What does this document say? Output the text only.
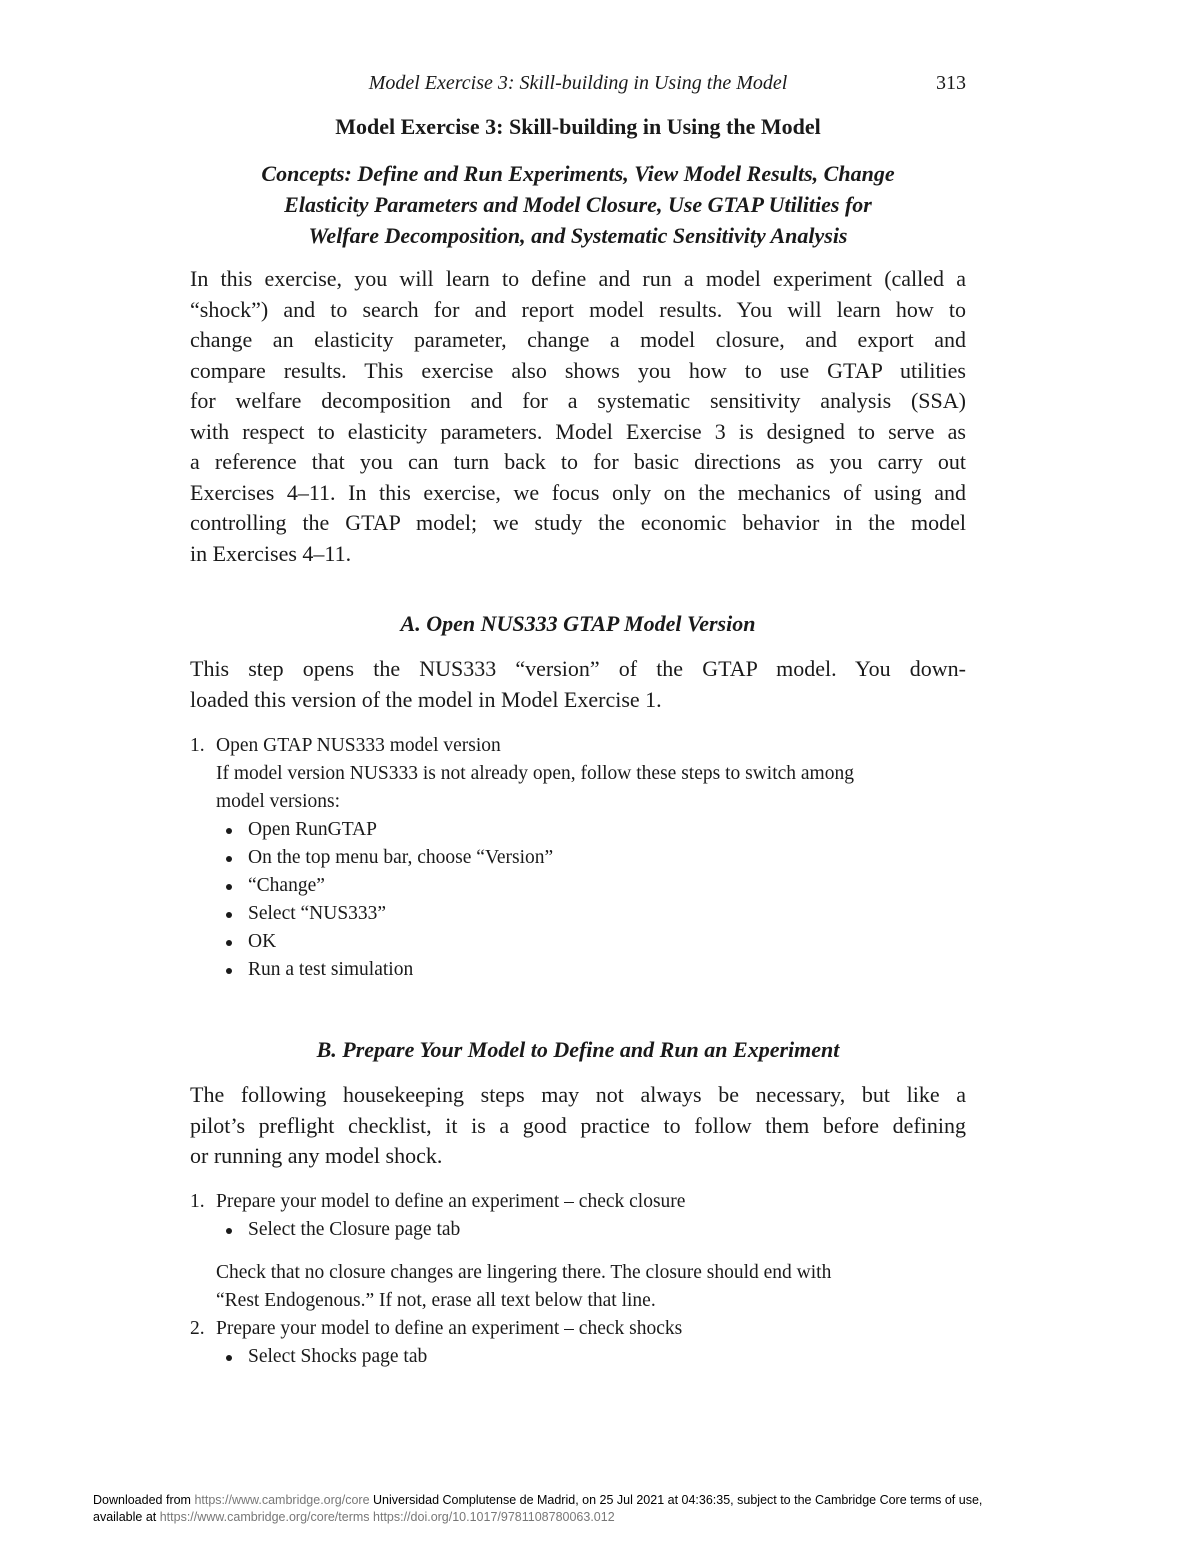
Model Exercise 3: Skill-building in Using the Model	313
Model Exercise 3: Skill-building in Using the Model
Concepts: Define and Run Experiments, View Model Results, Change
Elasticity Parameters and Model Closure, Use GTAP Utilities for
Welfare Decomposition, and Systematic Sensitivity Analysis
In this exercise, you will learn to define and run a model experiment (called a
“shock”) and to search for and report model results. You will learn how to
change an elasticity parameter, change a model closure, and export and
compare results. This exercise also shows you how to use GTAP utilities
for welfare decomposition and for a systematic sensitivity analysis (SSA)
with respect to elasticity parameters. Model Exercise 3 is designed to serve as
a reference that you can turn back to for basic directions as you carry out
Exercises 4–11. In this exercise, we focus only on the mechanics of using and
controlling the GTAP model; we study the economic behavior in the model
in Exercises 4–11.
A. Open NUS333 GTAP Model Version
This step opens the NUS333 “version” of the GTAP model. You down-
loaded this version of the model in Model Exercise 1.
1. Open GTAP NUS333 model version
If model version NUS333 is not already open, follow these steps to switch among
model versions:
Open RunGTAP
On the top menu bar, choose “Version”
“Change”
Select “NUS333”
OK
Run a test simulation
B. Prepare Your Model to Define and Run an Experiment
The following housekeeping steps may not always be necessary, but like a
pilot’s preflight checklist, it is a good practice to follow them before defining
or running any model shock.
1. Prepare your model to define an experiment – check closure
Select the Closure page tab
Check that no closure changes are lingering there. The closure should end with
“Rest Endogenous.” If not, erase all text below that line.
2. Prepare your model to define an experiment – check shocks
Select Shocks page tab
Downloaded from https://www.cambridge.org/core Universidad Complutense de Madrid, on 25 Jul 2021 at 04:36:35, subject to the Cambridge Core terms of use,
available at https://www.cambridge.org/core/terms https://doi.org/10.1017/9781108780063.012
